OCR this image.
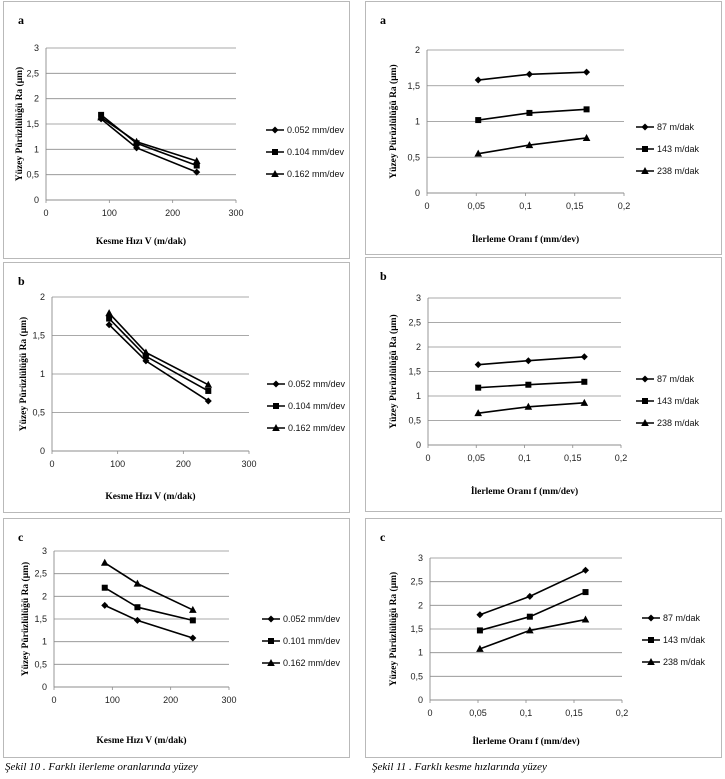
a
0
0,5
1
1,5
2
2,5
3
0	100	200	300
0.052 mm/dev
0.104 mm/dev
0.162 mm/dev
Kesme Hızı V (m/dak)
Yüzey Pürüzlülüğü Ra (μm)
b
0
0,5
1
1,5
2
0	100	200	300
0.052 mm/dev
0.104 mm/dev
0.162 mm/dev
Kesme Hızı V (m/dak)
Yüzey Pürüzlülüğü Ra (μm)
c
0
0,5
1
1,5
2
2,5
3
0	100	200	300
0.052 mm/dev
0.101 mm/dev
0.162 mm/dev
Kesme Hızı V (m/dak)
Yüzey Pürüzlülüğü Ra (μm)
a
0
0,5
1
1,5
2
0	0,05	0,1	0,15	0,2
87 m/dak
143 m/dak
238 m/dak
İlerleme Oranı f (mm/dev)
Yüzey Pürüzlülüğü Ra (μm)
b
0
0,5
1
1,5
2
2,5
3
0	0,05	0,1	0,15	0,2
87 m/dak
143 m/dak
238 m/dak
İlerleme Oranı f (mm/dev)
Yüzey Pürüzlülüğü Ra (μm)
c
0
0,5
1
1,5
2
2,5
3
0	0,05	0,1	0,15	0,2
87 m/dak
143 m/dak
238 m/dak
İlerleme Oranı f (mm/dev)
Yüzey Pürüzlülüğü Ra (μm)
Şekil 10 . Farklı ilerleme oranlarında yüzey	Şekil 11 . Farklı kesme hızlarında yüzey
